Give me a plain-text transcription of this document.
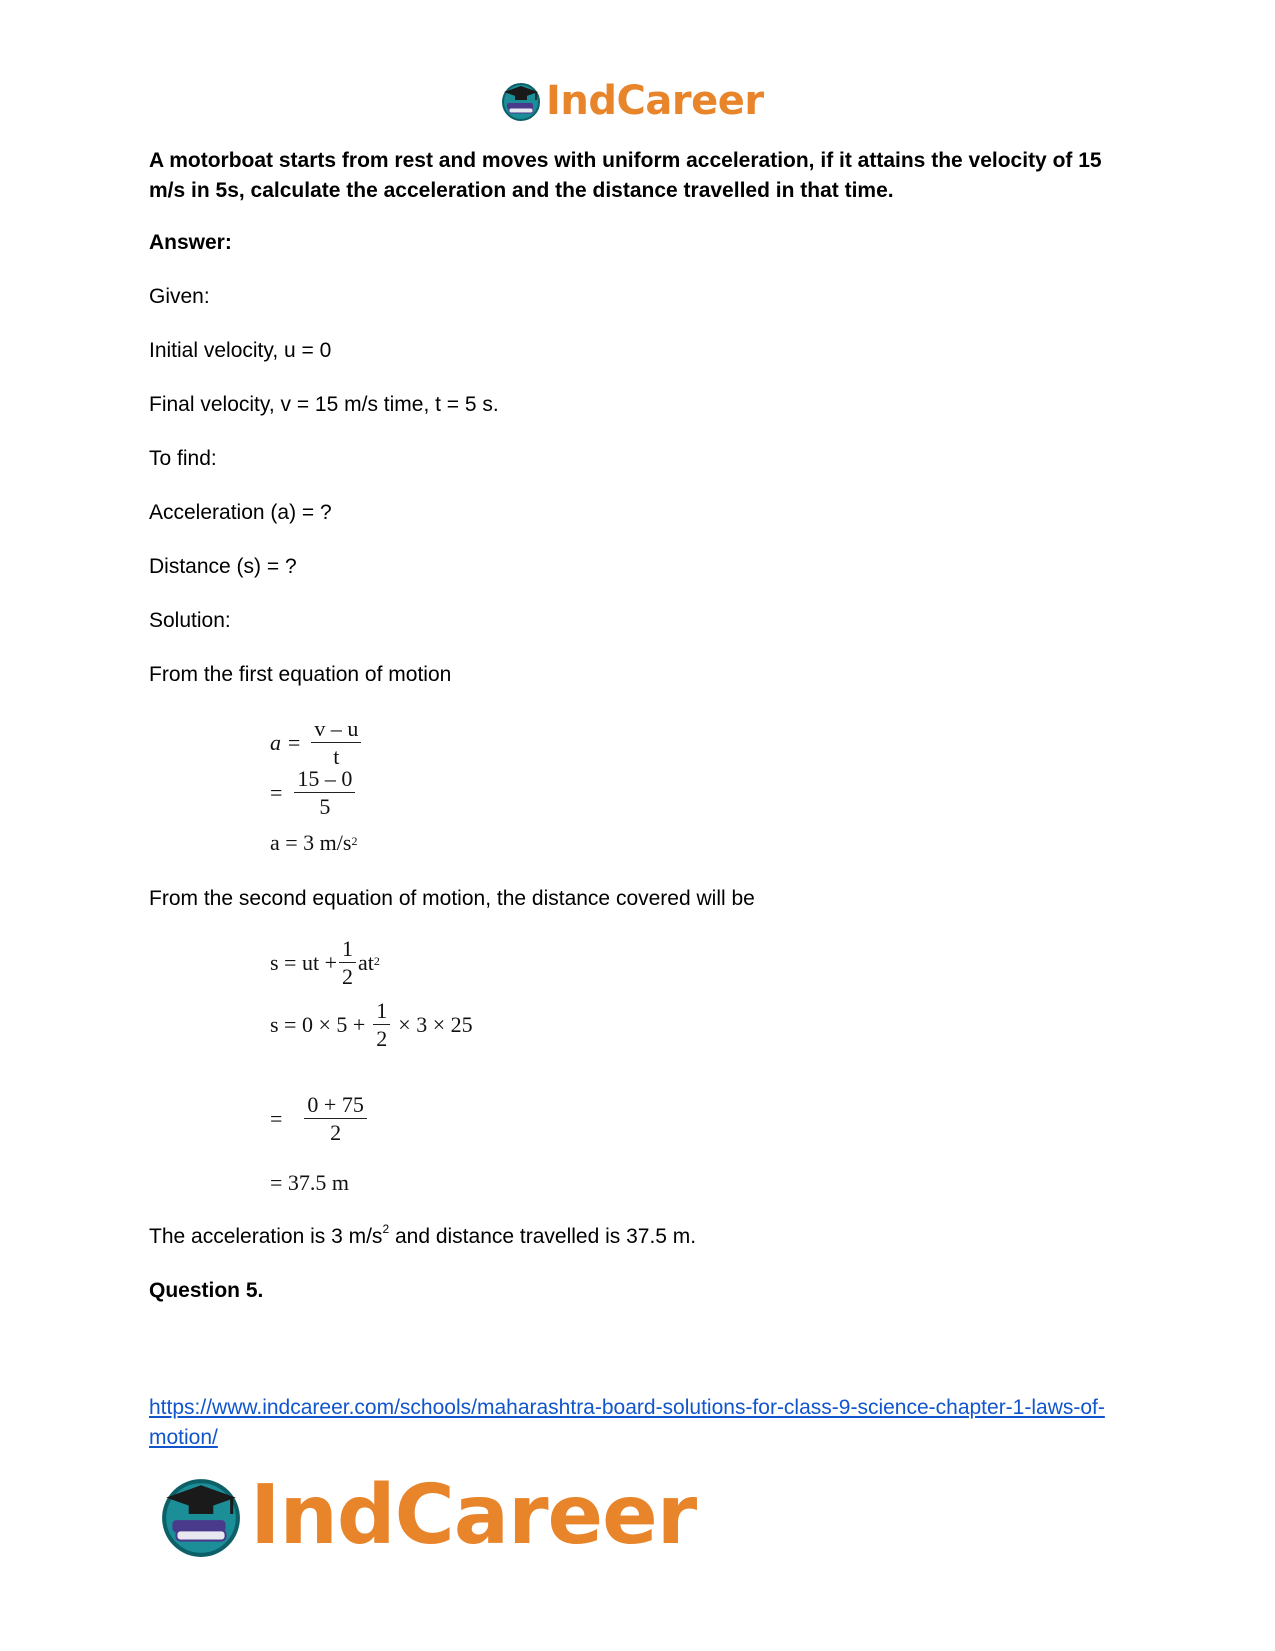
IndCareer

A motorboat starts from rest and moves with uniform acceleration, if it attains the velocity of 15 m/s in 5s, calculate the acceleration and the distance travelled in that time.

Answer:

Given:

Initial velocity, u = 0

Final velocity, v = 15 m/s time, t = 5 s.

To find:

Acceleration (a) = ?

Distance (s) = ?

Solution:

From the first equation of motion

$a = \frac{v - u}{t}$
= $\frac{15 - 0}{5}$
a = 3 $m/s^2$

From the second equation of motion, the distance covered will be

s = ut + $\frac{1}{2} at^2$
$s = 0 \times 5 + \frac{1}{2} \times 3 \times 25$
= $\frac{0 + 75}{2}$
= 37.5 m

The acceleration is 3 $m/s^2$ and distance travelled is 37.5 m.

Question 5.

https://www.indcareer.com/schools/maharashtra-board-solutions-for-class-9-science-chapter-1-laws-of-motion/
IndCareer
